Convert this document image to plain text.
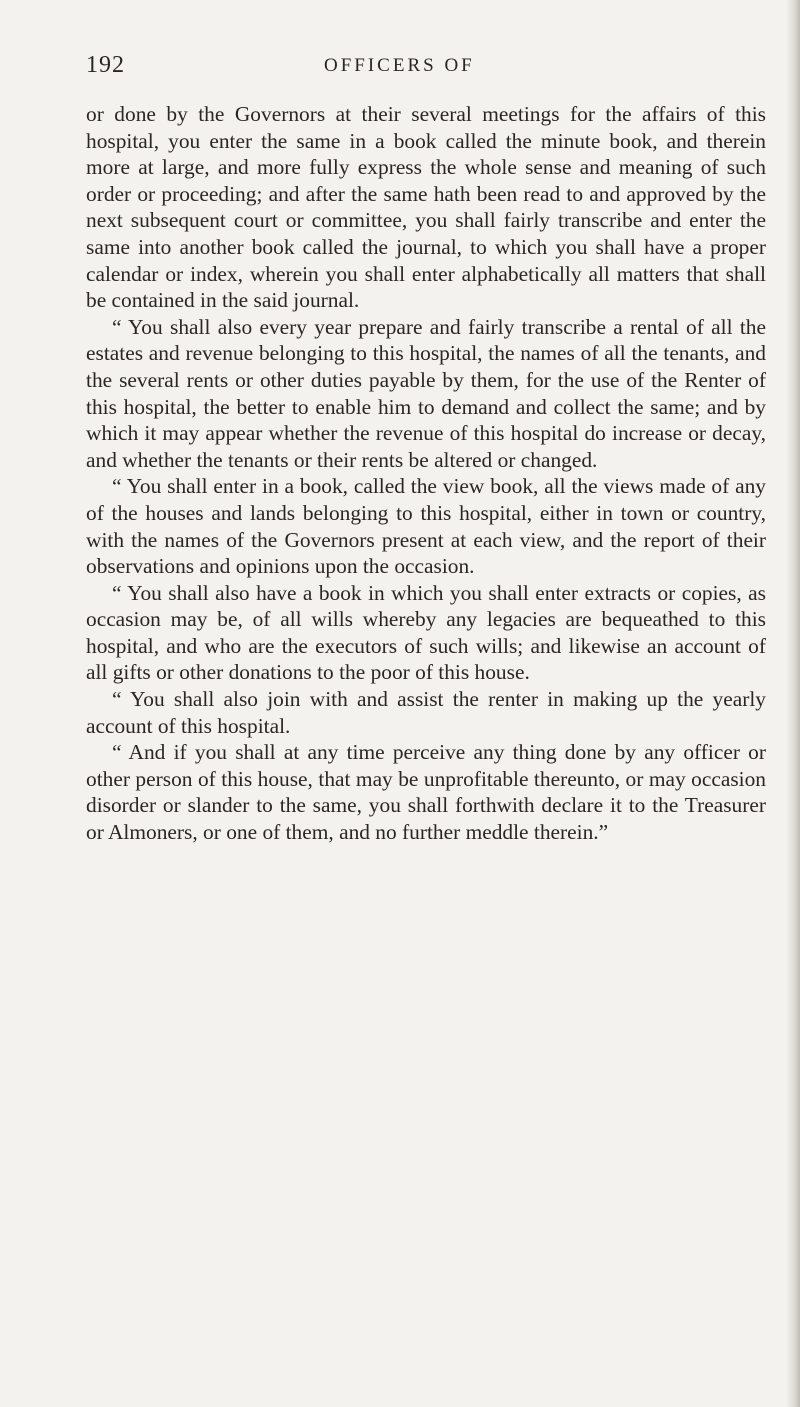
192	OFFICERS OF

or done by the Governors at their several meetings for the affairs of this hospital, you enter the same in a book called the minute book, and therein more at large, and more fully express the whole sense and meaning of such order or proceeding; and after the same hath been read to and approved by the next subsequent court or committee, you shall fairly transcribe and enter the same into another book called the journal, to which you shall have a proper calendar or index, wherein you shall enter alphabetically all matters that shall be contained in the said journal.

“ You shall also every year prepare and fairly transcribe a rental of all the estates and revenue belonging to this hospital, the names of all the tenants, and the several rents or other duties payable by them, for the use of the Renter of this hospital, the better to enable him to demand and collect the same; and by which it may appear whether the revenue of this hospital do increase or decay, and whether the tenants or their rents be altered or changed.

“ You shall enter in a book, called the view book, all the views made of any of the houses and lands belonging to this hospital, either in town or country, with the names of the Governors present at each view, and the report of their observations and opinions upon the occasion.

“ You shall also have a book in which you shall enter extracts or copies, as occasion may be, of all wills whereby any legacies are bequeathed to this hospital, and who are the executors of such wills; and likewise an account of all gifts or other donations to the poor of this house.

“ You shall also join with and assist the renter in making up the yearly account of this hospital.

“ And if you shall at any time perceive any thing done by any officer or other person of this house, that may be unprofitable thereunto, or may occasion disorder or slander to the same, you shall forthwith declare it to the Treasurer or Almoners, or one of them, and no further meddle therein.”
